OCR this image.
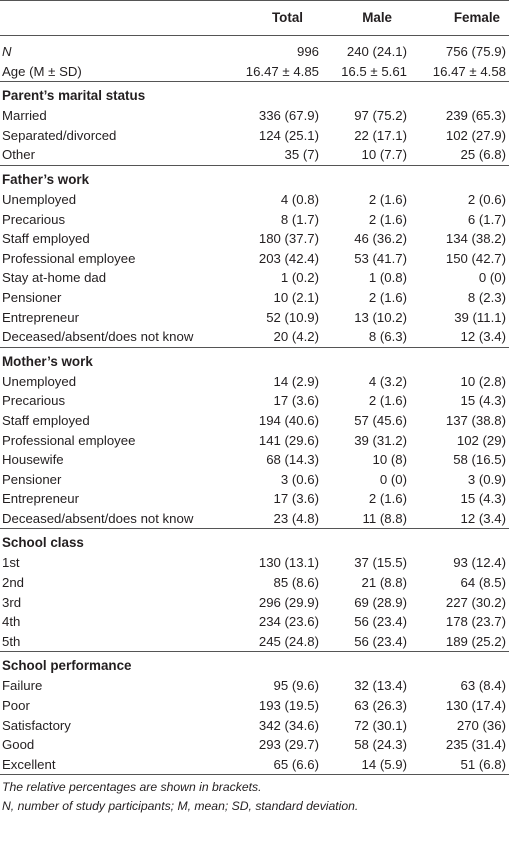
	Total	Male	Female

N	996	240 (24.1)	756 (75.9)
Age (M ± SD)	16.47 ± 4.85	16.5 ± 5.61	16.47 ± 4.58
Parent’s marital status			
Married	336 (67.9)	97 (75.2)	239 (65.3)
Separated/divorced	124 (25.1)	22 (17.1)	102 (27.9)
Other	35 (7)	10 (7.7)	25 (6.8)
Father’s work			
Unemployed	4 (0.8)	2 (1.6)	2 (0.6)
Precarious	8 (1.7)	2 (1.6)	6 (1.7)
Staff employed	180 (37.7)	46 (36.2)	134 (38.2)
Professional employee	203 (42.4)	53 (41.7)	150 (42.7)
Stay at-home dad	1 (0.2)	1 (0.8)	0 (0)
Pensioner	10 (2.1)	2 (1.6)	8 (2.3)
Entrepreneur	52 (10.9)	13 (10.2)	39 (11.1)
Deceased/absent/does not know	20 (4.2)	8 (6.3)	12 (3.4)
Mother’s work			
Unemployed	14 (2.9)	4 (3.2)	10 (2.8)
Precarious	17 (3.6)	2 (1.6)	15 (4.3)
Staff employed	194 (40.6)	57 (45.6)	137 (38.8)
Professional employee	141 (29.6)	39 (31.2)	102 (29)
Housewife	68 (14.3)	10 (8)	58 (16.5)
Pensioner	3 (0.6)	0 (0)	3 (0.9)
Entrepreneur	17 (3.6)	2 (1.6)	15 (4.3)
Deceased/absent/does not know	23 (4.8)	11 (8.8)	12 (3.4)
School class			
1st	130 (13.1)	37 (15.5)	93 (12.4)
2nd	85 (8.6)	21 (8.8)	64 (8.5)
3rd	296 (29.9)	69 (28.9)	227 (30.2)
4th	234 (23.6)	56 (23.4)	178 (23.7)
5th	245 (24.8)	56 (23.4)	189 (25.2)
School performance			
Failure	95 (9.6)	32 (13.4)	63 (8.4)
Poor	193 (19.5)	63 (26.3)	130 (17.4)
Satisfactory	342 (34.6)	72 (30.1)	270 (36)
Good	293 (29.7)	58 (24.3)	235 (31.4)
Excellent	65 (6.6)	14 (5.9)	51 (6.8)
The relative percentages are shown in brackets.
N, number of study participants; M, mean; SD, standard deviation.
